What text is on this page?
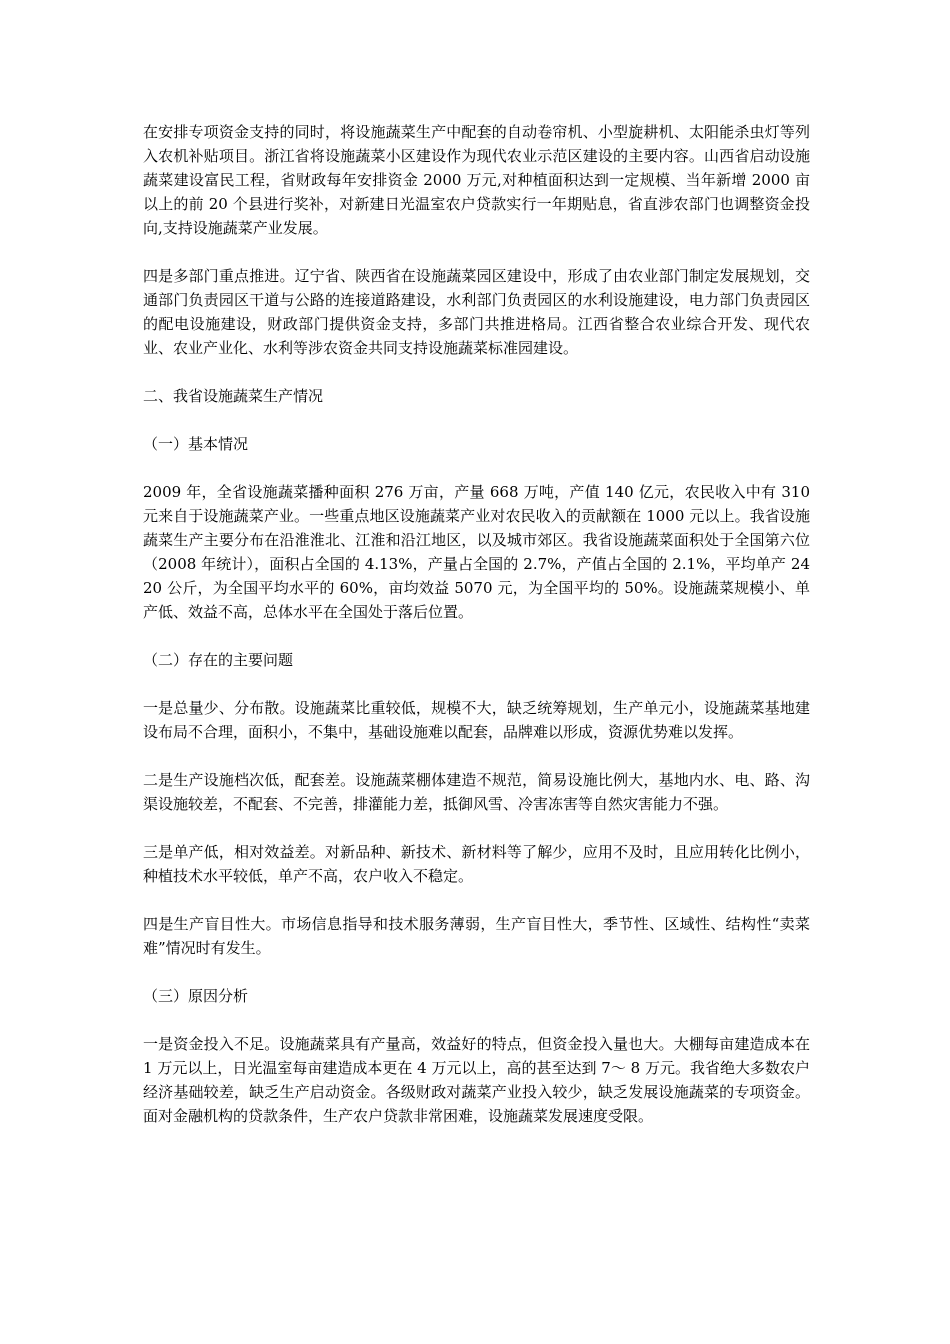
在安排专项资金支持的同时，将设施蔬菜生产中配套的自动卷帘机、小型旋耕机、太阳能杀虫灯等列入农机补贴项目。浙江省将设施蔬菜小区建设作为现代农业示范区建设的主要内容。山西省启动设施蔬菜建设富民工程，省财政每年安排资金 2000 万元,对种植面积达到一定规模、当年新增 2000 亩以上的前 20 个县进行奖补，对新建日光温室农户贷款实行一年期贴息，省直涉农部门也调整资金投向,支持设施蔬菜产业发展。

四是多部门重点推进。辽宁省、陕西省在设施蔬菜园区建设中，形成了由农业部门制定发展规划，交通部门负责园区干道与公路的连接道路建设，水利部门负责园区的水利设施建设，电力部门负责园区的配电设施建设，财政部门提供资金支持，多部门共推进格局。江西省整合农业综合开发、现代农业、农业产业化、水利等涉农资金共同支持设施蔬菜标准园建设。

二、我省设施蔬菜生产情况

（一）基本情况

2009 年，全省设施蔬菜播种面积 276 万亩，产量 668 万吨，产值 140 亿元，农民收入中有 310 元来自于设施蔬菜产业。一些重点地区设施蔬菜产业对农民收入的贡献额在 1000 元以上。我省设施蔬菜生产主要分布在沿淮淮北、江淮和沿江地区，以及城市郊区。我省设施蔬菜面积处于全国第六位（2008 年统计），面积占全国的 4.13%，产量占全国的 2.7%，产值占全国的 2.1%，平均单产 2420 公斤，为全国平均水平的 60%，亩均效益 5070 元，为全国平均的 50%。设施蔬菜规模小、单产低、效益不高，总体水平在全国处于落后位置。

（二）存在的主要问题

一是总量少、分布散。设施蔬菜比重较低，规模不大，缺乏统筹规划，生产单元小，设施蔬菜基地建设布局不合理，面积小，不集中，基础设施难以配套，品牌难以形成，资源优势难以发挥。

二是生产设施档次低，配套差。设施蔬菜棚体建造不规范，简易设施比例大，基地内水、电、路、沟渠设施较差，不配套、不完善，排灌能力差，抵御风雪、冷害冻害等自然灾害能力不强。

三是单产低，相对效益差。对新品种、新技术、新材料等了解少，应用不及时，且应用转化比例小，种植技术水平较低，单产不高，农户收入不稳定。

四是生产盲目性大。市场信息指导和技术服务薄弱，生产盲目性大，季节性、区域性、结构性“卖菜难”情况时有发生。

（三）原因分析

一是资金投入不足。设施蔬菜具有产量高，效益好的特点，但资金投入量也大。大棚每亩建造成本在 1 万元以上，日光温室每亩建造成本更在 4 万元以上，高的甚至达到 7～ 8 万元。我省绝大多数农户经济基础较差，缺乏生产启动资金。各级财政对蔬菜产业投入较少，缺乏发展设施蔬菜的专项资金。面对金融机构的贷款条件，生产农户贷款非常困难，设施蔬菜发展速度受限。
